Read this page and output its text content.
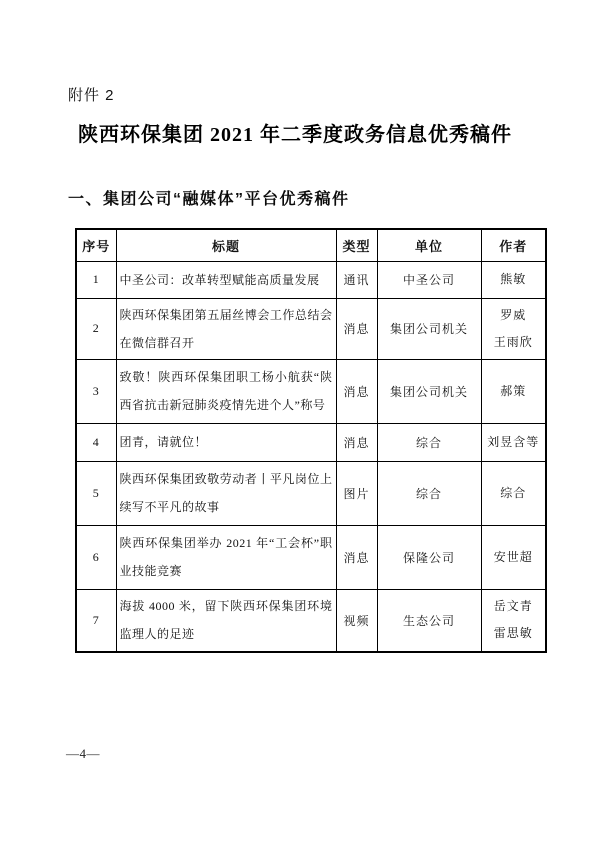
附件 2
陕西环保集团 2021 年二季度政务信息优秀稿件
一、集团公司“融媒体”平台优秀稿件
序号	标题	类型	单位	作者
1	中圣公司：改革转型赋能高质量发展	通讯	中圣公司	熊敏

2	陕西环保集团第五届丝博会工作总结会在微信群召开	消息	集团公司机关	罗威
王雨欣

3	致敬！陕西环保集团职工杨小航获“陕西省抗击新冠肺炎疫情先进个人”称号	消息	集团公司机关	郝策

4	团青，请就位！	消息	综合	刘昱含等

5	陕西环保集团致敬劳动者丨平凡岗位上续写不平凡的故事	图片	综合	综合

6	陕西环保集团举办 2021 年“工会杯”职业技能竞赛	消息	保隆公司	安世超

7	海拔 4000 米，留下陕西环保集团环境监理人的足迹	视频	生态公司	岳文青
雷思敏
—4—
